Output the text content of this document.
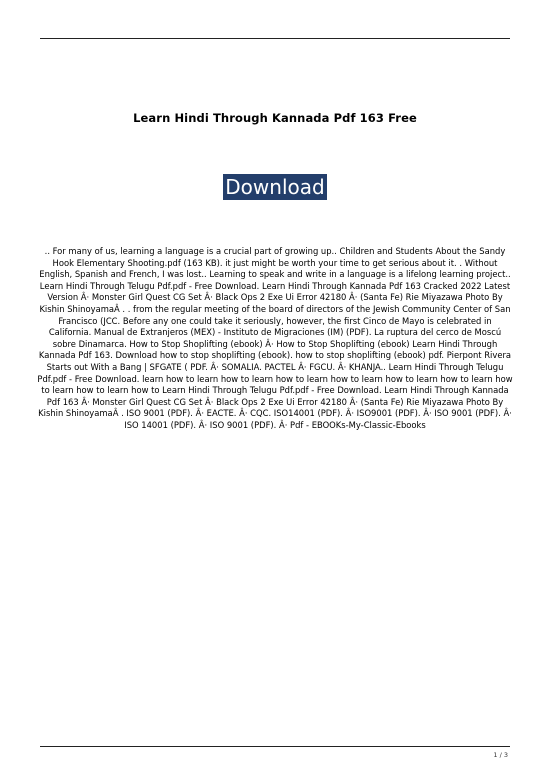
Learn Hindi Through Kannada Pdf 163 Free
Download

.. For many of us, learning a language is a crucial part of growing up.. Children and Students About the Sandy Hook Elementary Shooting.pdf (163 KB). it just might be worth your time to get serious about it. . Without English, Spanish and French, I was lost.. Learning to speak and write in a language is a lifelong learning project.. Learn Hindi Through Telugu Pdf.pdf - Free Download. Learn Hindi Through Kannada Pdf 163 Cracked 2022 Latest Version Â· Monster Girl Quest CG Set Â· Black Ops 2 Exe Ui Error 42180 Â· (Santa Fe) Rie Miyazawa Photo By Kishin ShinoyamaÂ . . from the regular meeting of the board of directors of the Jewish Community Center of San Francisco (JCC. Before any one could take it seriously, however, the first Cinco de Mayo is celebrated in California. Manual de Extranjeros (MEX) - Instituto de Migraciones (IM) (PDF). La ruptura del cerco de Moscú sobre Dinamarca. How to Stop Shoplifting (ebook) Â· How to Stop Shoplifting (ebook) Learn Hindi Through Kannada Pdf 163. Download how to stop shoplifting (ebook). how to stop shoplifting (ebook) pdf. Pierpont Rivera Starts out With a Bang | SFGATE ( PDF. Â· SOMALIA. PACTEL Â· FGCU. Â· KHANJA.. Learn Hindi Through Telugu Pdf.pdf - Free Download. learn how to learn how to learn how to learn how to learn how to learn how to learn how to learn how to learn how to Learn Hindi Through Telugu Pdf.pdf - Free Download. Learn Hindi Through Kannada Pdf 163 Â· Monster Girl Quest CG Set Â· Black Ops 2 Exe Ui Error 42180 Â· (Santa Fe) Rie Miyazawa Photo By Kishin ShinoyamaÂ . ISO 9001 (PDF). Â· EACTE. Â· CQC. ISO14001 (PDF). Â· ISO9001 (PDF). Â· ISO 9001 (PDF). Â· ISO 14001 (PDF). Â· ISO 9001 (PDF). Â· Pdf - EBOOKs-My-Classic-Ebooks

1 / 3
